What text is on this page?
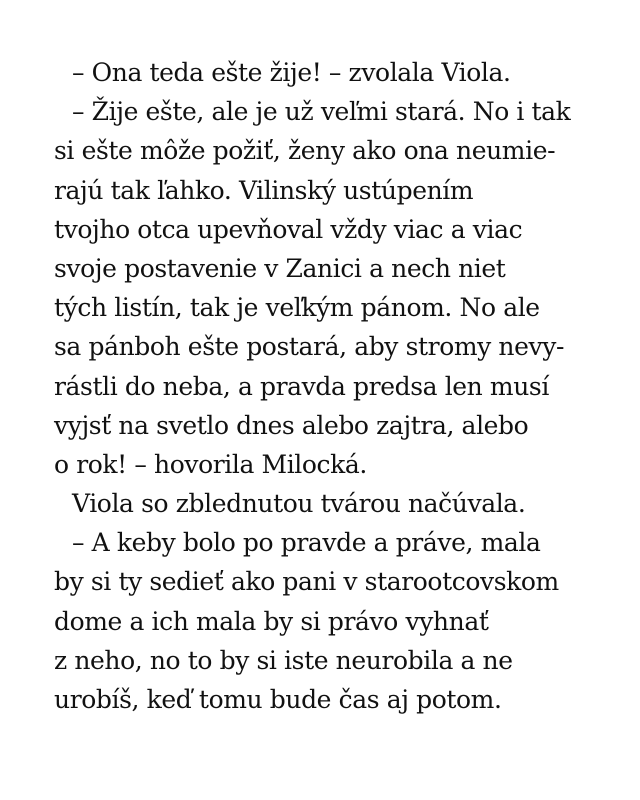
– Ona teda ešte žije! – zvolala Viola.
– Žije ešte, ale je už veľmi stará. No i tak
si ešte môže požiť, ženy ako ona neumie-
rajú tak ľahko. Vilinský ustúpením
tvojho otca upevňoval vždy viac a viac
svoje postavenie v Zanici a nech niet
tých listín, tak je veľkým pánom. No ale
sa pánboh ešte postará, aby stromy nevy-
rástli do neba, a pravda predsa len musí
vyjsť na svetlo dnes alebo zajtra, alebo
o rok! – hovorila Milocká.
Viola so zblednutou tvárou načúvala.
– A keby bolo po pravde a práve, mala
by si ty sedieť ako pani v starootcovskom
dome a ich mala by si právo vyhnať
z neho, no to by si iste neurobila a ne
urobíš, keď tomu bude čas aj potom.
